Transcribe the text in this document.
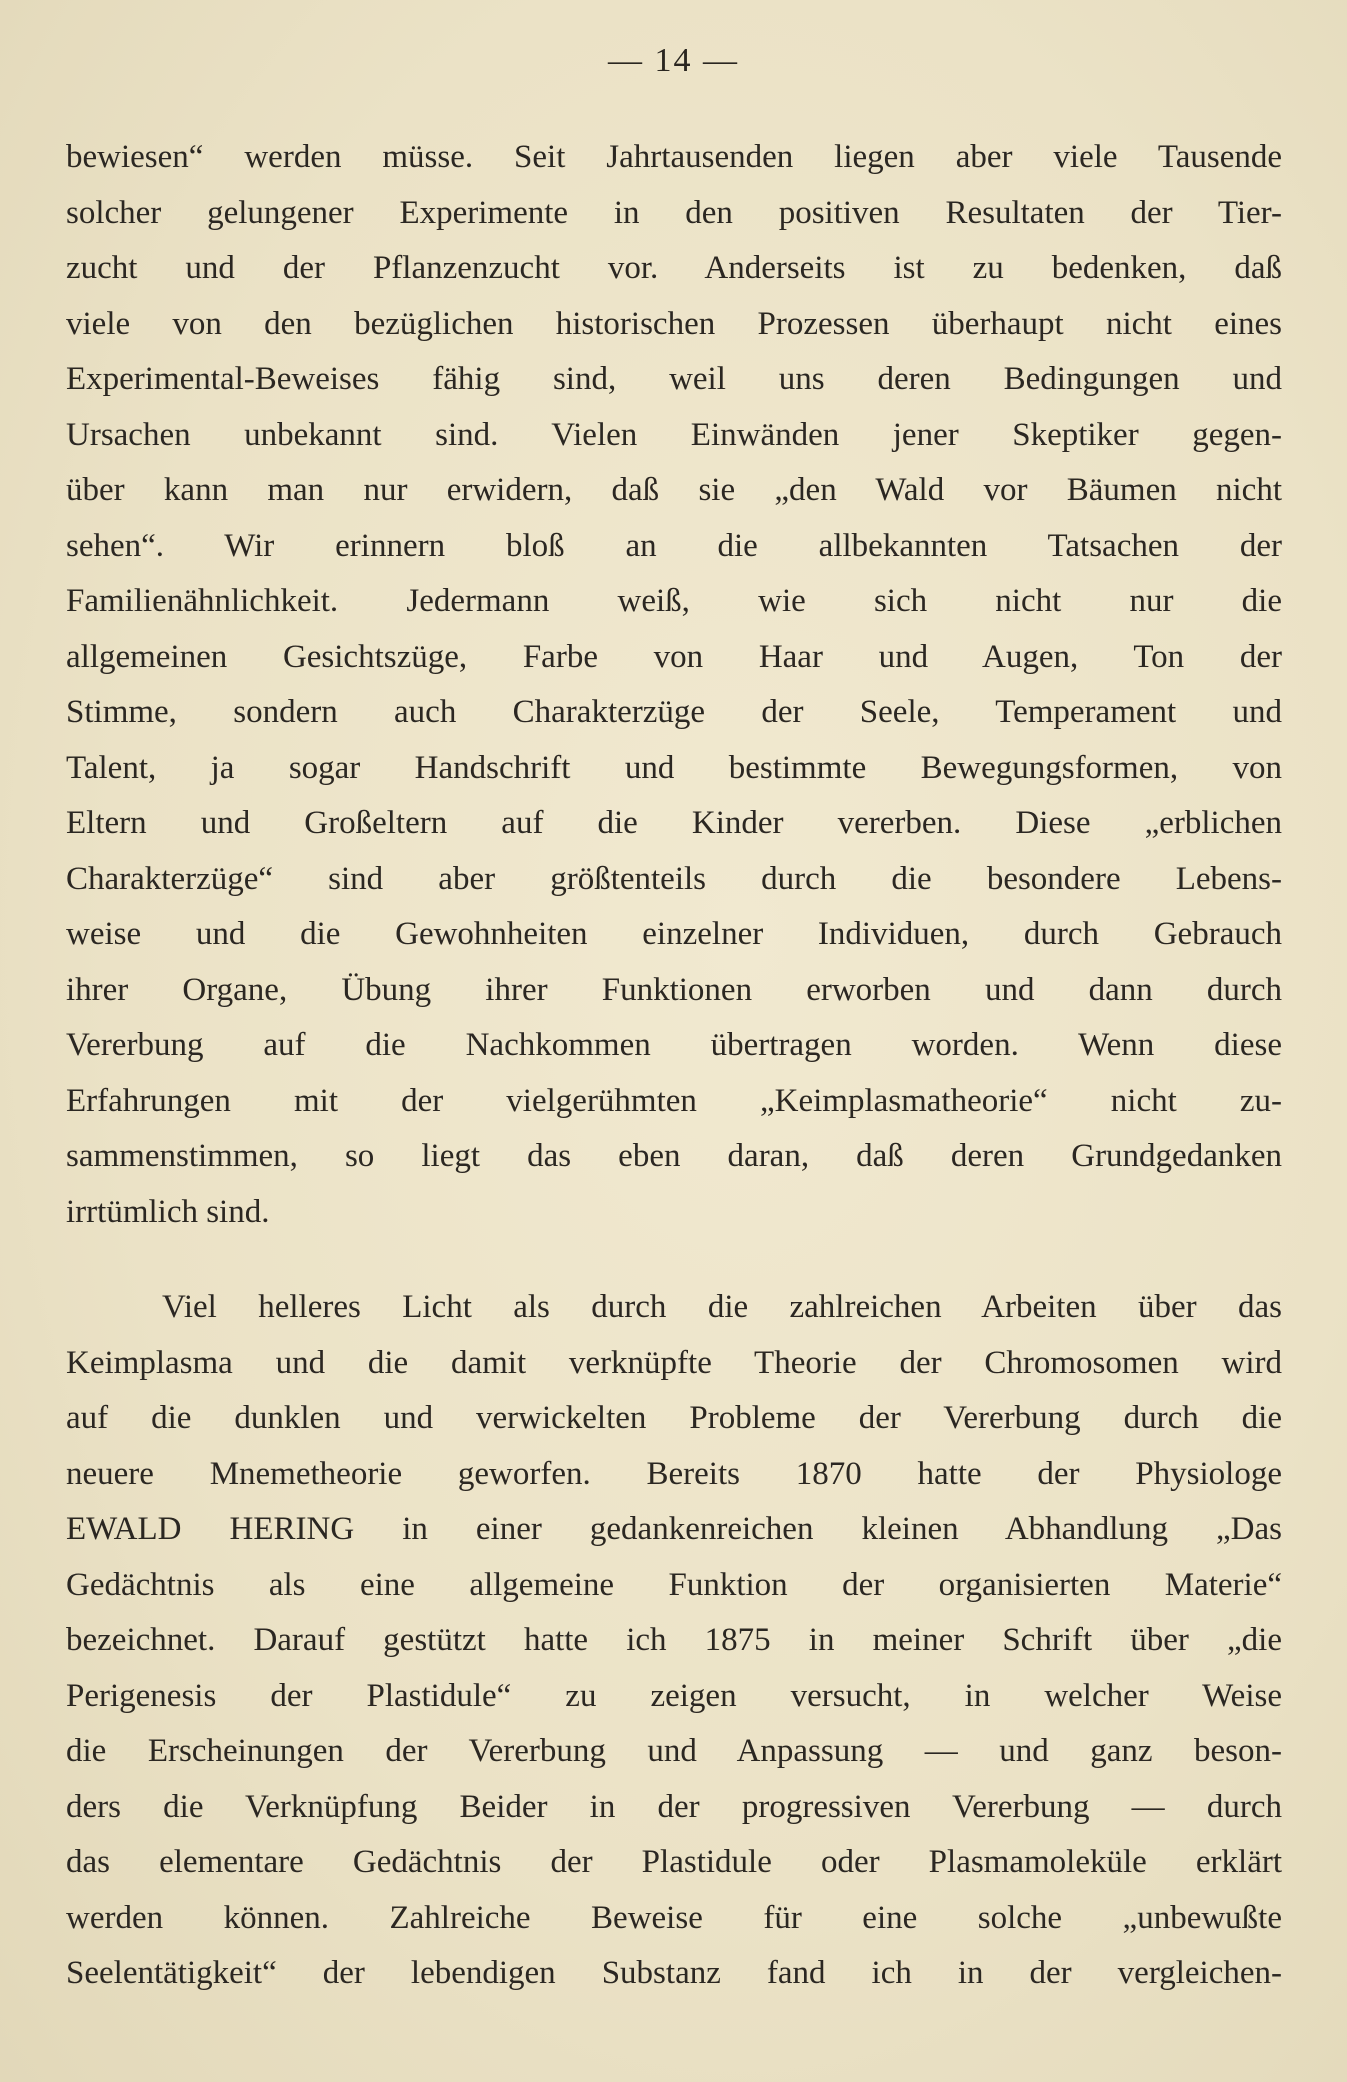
— 14 —
bewiesen“ werden müsse. Seit Jahrtausenden liegen aber viele Tausende
solcher gelungener Experimente in den positiven Resultaten der Tier-
zucht und der Pflanzenzucht vor. Anderseits ist zu bedenken, daß
viele von den bezüglichen historischen Prozessen überhaupt nicht eines
Experimental-Beweises fähig sind, weil uns deren Bedingungen und
Ursachen unbekannt sind. Vielen Einwänden jener Skeptiker gegen-
über kann man nur erwidern, daß sie „den Wald vor Bäumen nicht
sehen“. Wir erinnern bloß an die allbekannten Tatsachen der
Familienähnlichkeit. Jedermann weiß, wie sich nicht nur die
allgemeinen Gesichtszüge, Farbe von Haar und Augen, Ton der
Stimme, sondern auch Charakterzüge der Seele, Temperament und
Talent, ja sogar Handschrift und bestimmte Bewegungsformen, von
Eltern und Großeltern auf die Kinder vererben. Diese „erblichen
Charakterzüge“ sind aber größtenteils durch die besondere Lebens-
weise und die Gewohnheiten einzelner Individuen, durch Gebrauch
ihrer Organe, Übung ihrer Funktionen erworben und dann durch
Vererbung auf die Nachkommen übertragen worden. Wenn diese
Erfahrungen mit der vielgerühmten „Keimplasmatheorie“ nicht zu-
sammenstimmen, so liegt das eben daran, daß deren Grundgedanken
irrtümlich sind.
Viel helleres Licht als durch die zahlreichen Arbeiten über das
Keimplasma und die damit verknüpfte Theorie der Chromosomen wird
auf die dunklen und verwickelten Probleme der Vererbung durch die
neuere Mnemetheorie geworfen. Bereits 1870 hatte der Physiologe
EWALD HERING in einer gedankenreichen kleinen Abhandlung „Das
Gedächtnis als eine allgemeine Funktion der organisierten Materie“
bezeichnet. Darauf gestützt hatte ich 1875 in meiner Schrift über „die
Perigenesis der Plastidule“ zu zeigen versucht, in welcher Weise
die Erscheinungen der Vererbung und Anpassung — und ganz beson-
ders die Verknüpfung Beider in der progressiven Vererbung — durch
das elementare Gedächtnis der Plastidule oder Plasmamoleküle erklärt
werden können. Zahlreiche Beweise für eine solche „unbewußte
Seelentätigkeit“ der lebendigen Substanz fand ich in der vergleichen-
